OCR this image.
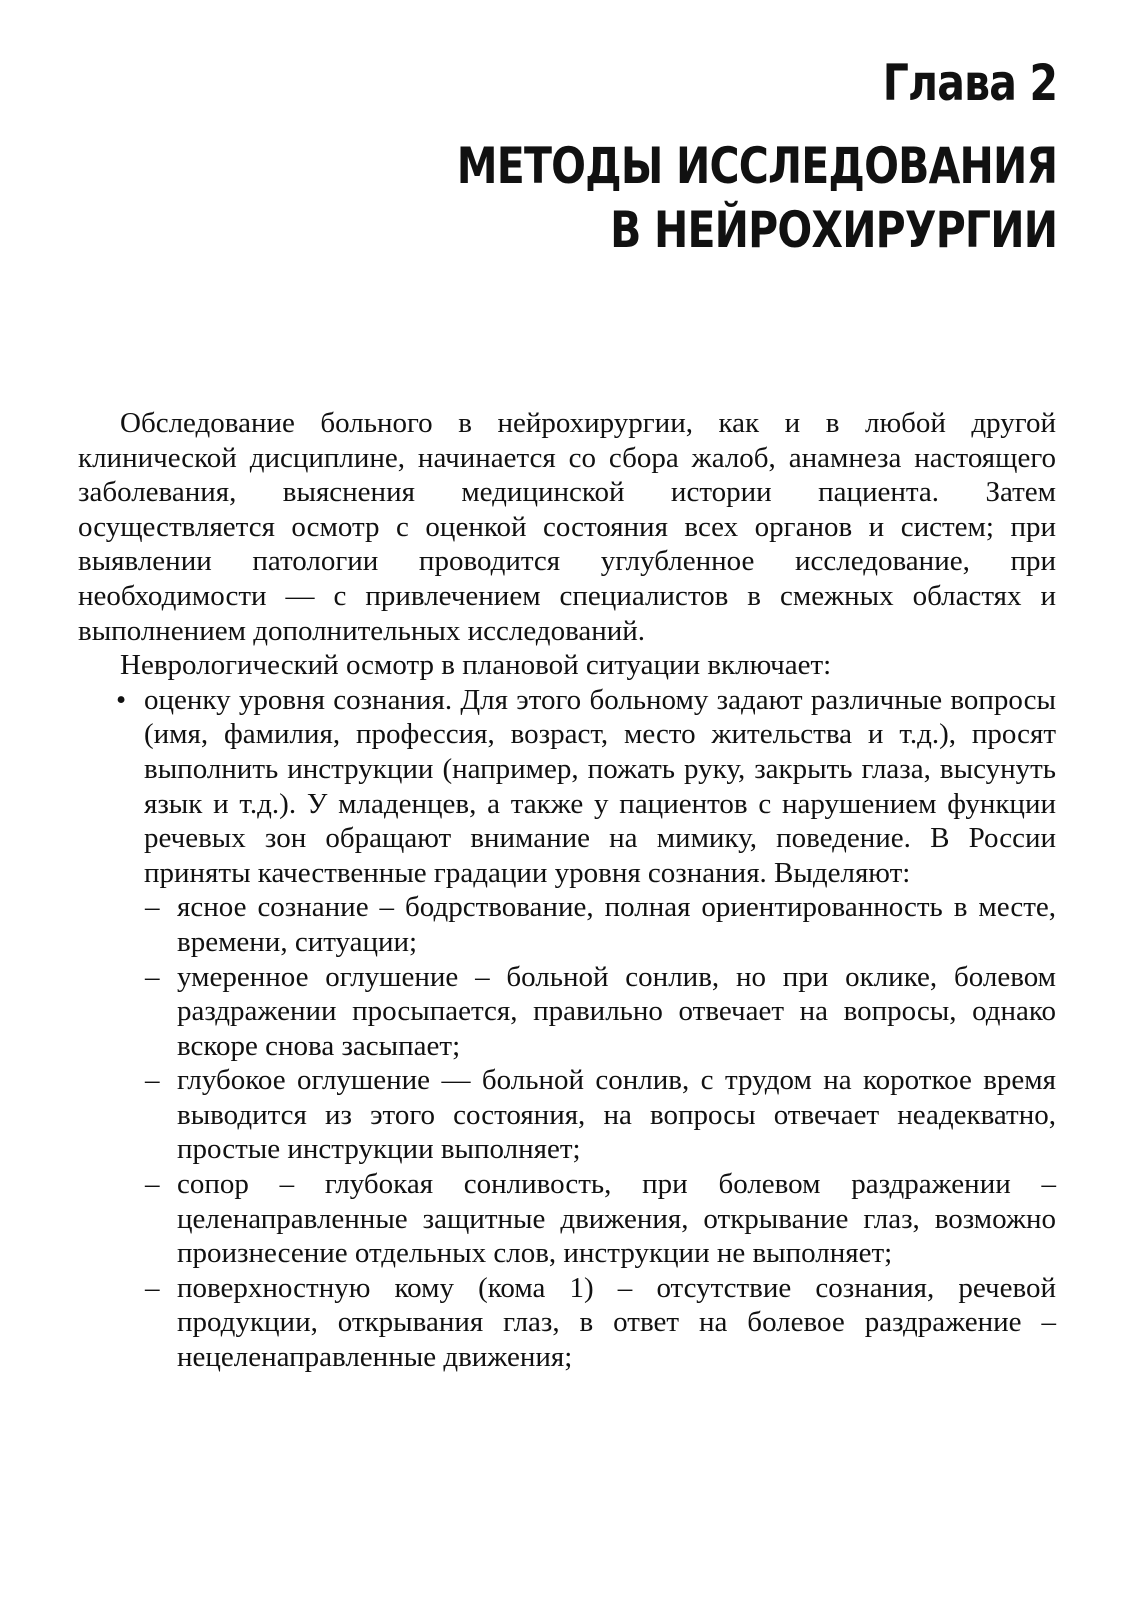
Глава 2
МЕТОДЫ ИССЛЕДОВАНИЯ
В НЕЙРОХИРУРГИИ

Обследование больного в нейрохирургии, как и в любой другой клинической дисциплине, начинается со сбора жалоб, анамнеза настоящего заболевания, выяснения медицинской истории пациента. Затем осуществляется осмотр с оценкой состояния всех органов и систем; при выявлении патологии проводится углубленное исследование, при необходимости — с привлечением специалистов в смежных областях и выполнением дополнительных исследований.

Неврологический осмотр в плановой ситуации включает:

• оценку уровня сознания. Для этого больному задают различные вопросы (имя, фамилия, профессия, возраст, место жительства и т.д.), просят выполнить инструкции (например, пожать руку, закрыть глаза, высунуть язык и т.д.). У младенцев, а также у пациентов с нарушением функции речевых зон обращают внимание на мимику, поведение. В России приняты качественные градации уровня сознания. Выделяют:
– ясное сознание – бодрствование, полная ориентированность в месте, времени, ситуации;
– умеренное оглушение – больной сонлив, но при оклике, болевом раздражении просыпается, правильно отвечает на вопросы, однако вскоре снова засыпает;
– глубокое оглушение — больной сонлив, с трудом на короткое время выводится из этого состояния, на вопросы отвечает неадекватно, простые инструкции выполняет;
– сопор – глубокая сонливость, при болевом раздражении – целенаправленные защитные движения, открывание глаз, возможно произнесение отдельных слов, инструкции не выполняет;
– поверхностную кому (кома 1) – отсутствие сознания, речевой продукции, открывания глаз, в ответ на болевое раздражение – нецеленаправленные движения;
